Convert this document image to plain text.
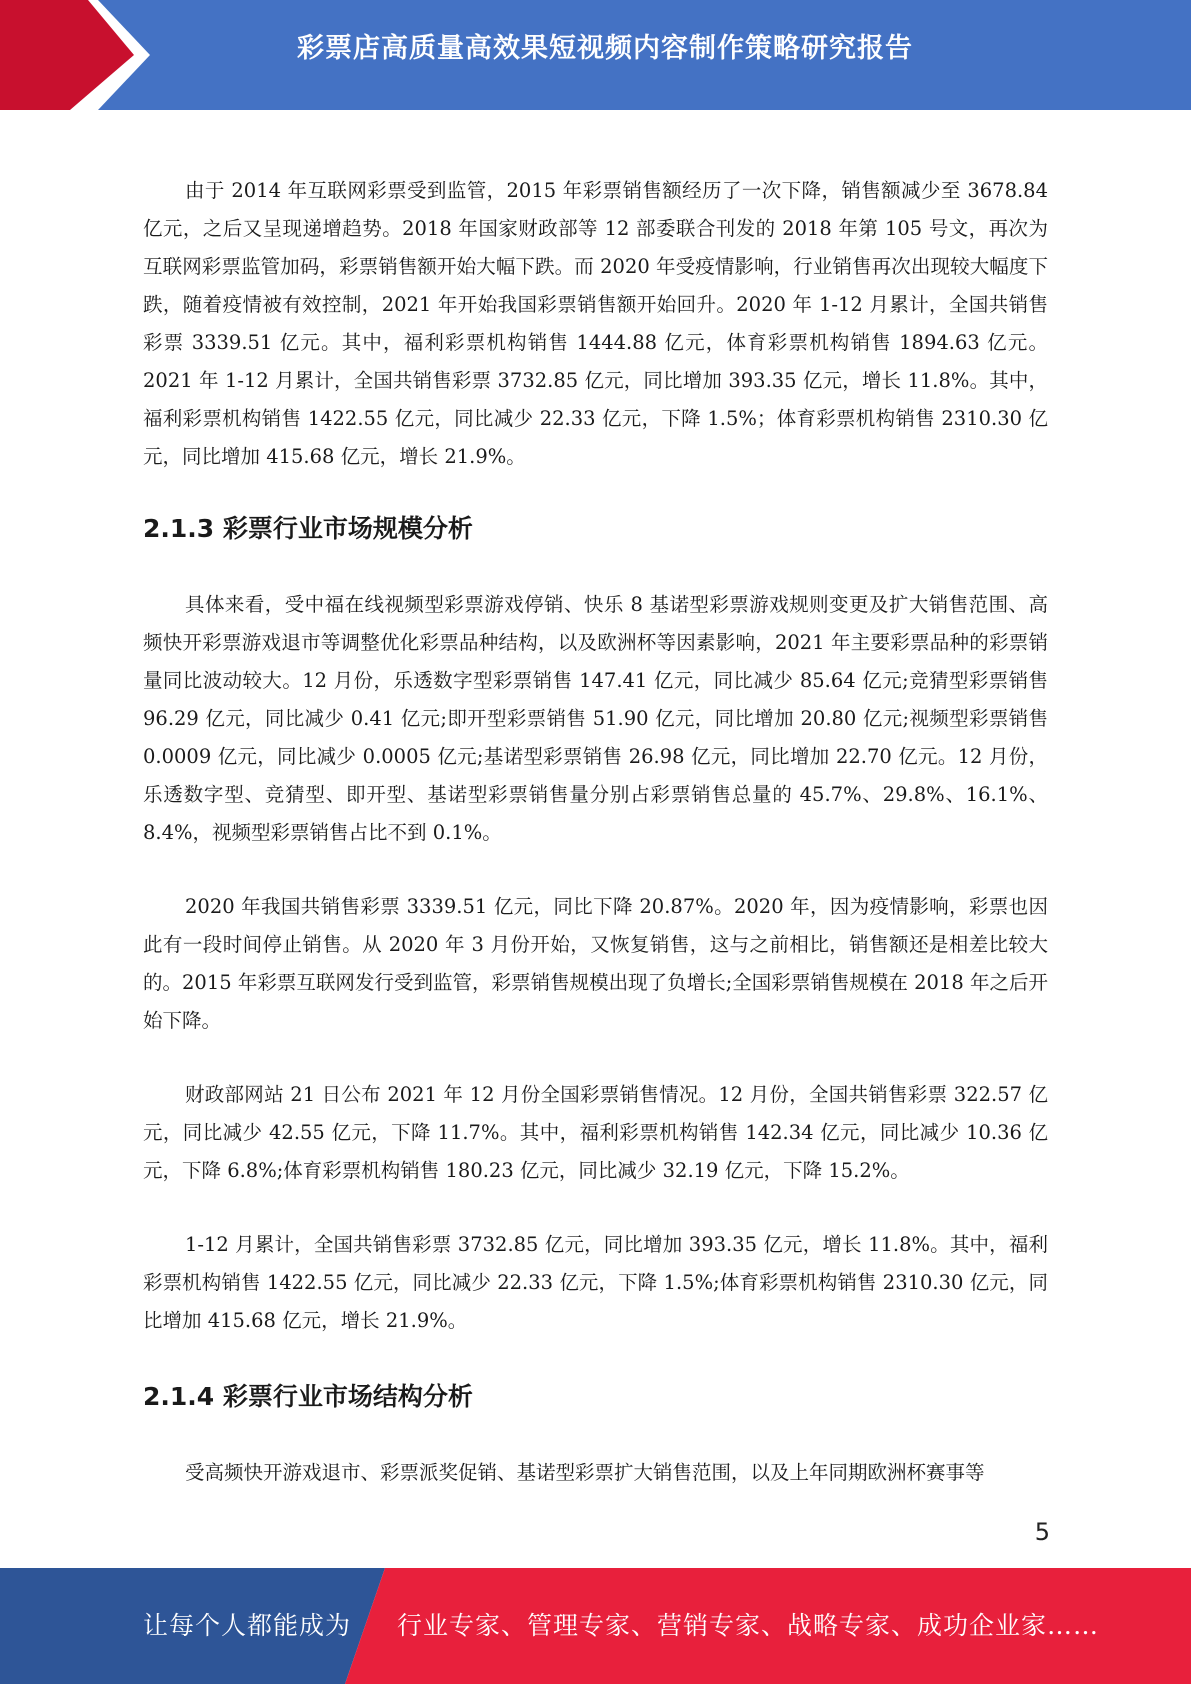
彩票店高质量高效果短视频内容制作策略研究报告

由于 2014 年互联网彩票受到监管，2015 年彩票销售额经历了一次下降，销售额减少至 3678.84 亿元，之后又呈现递增趋势。2018 年国家财政部等 12 部委联合刊发的 2018 年第 105 号文，再次为互联网彩票监管加码，彩票销售额开始大幅下跌。而 2020 年受疫情影响，行业销售再次出现较大幅度下跌，随着疫情被有效控制，2021 年开始我国彩票销售额开始回升。2020 年 1-12 月累计，全国共销售彩票 3339.51 亿元。其中，福利彩票机构销售 1444.88 亿元，体育彩票机构销售 1894.63 亿元。2021 年 1-12 月累计，全国共销售彩票 3732.85 亿元，同比增加 393.35 亿元，增长 11.8%。其中，福利彩票机构销售 1422.55 亿元，同比减少 22.33 亿元，下降 1.5%；体育彩票机构销售 2310.30 亿元，同比增加 415.68 亿元，增长 21.9%。

2.1.3 彩票行业市场规模分析

具体来看，受中福在线视频型彩票游戏停销、快乐 8 基诺型彩票游戏规则变更及扩大销售范围、高频快开彩票游戏退市等调整优化彩票品种结构，以及欧洲杯等因素影响，2021 年主要彩票品种的彩票销量同比波动较大。12 月份，乐透数字型彩票销售 147.41 亿元，同比减少 85.64 亿元;竞猜型彩票销售 96.29 亿元，同比减少 0.41 亿元;即开型彩票销售 51.90 亿元，同比增加 20.80 亿元;视频型彩票销售 0.0009 亿元，同比减少 0.0005 亿元;基诺型彩票销售 26.98 亿元，同比增加 22.70 亿元。12 月份，乐透数字型、竞猜型、即开型、基诺型彩票销售量分别占彩票销售总量的 45.7%、29.8%、16.1%、8.4%，视频型彩票销售占比不到 0.1%。

2020 年我国共销售彩票 3339.51 亿元，同比下降 20.87%。2020 年，因为疫情影响，彩票也因此有一段时间停止销售。从 2020 年 3 月份开始，又恢复销售，这与之前相比，销售额还是相差比较大的。2015 年彩票互联网发行受到监管，彩票销售规模出现了负增长;全国彩票销售规模在 2018 年之后开始下降。

财政部网站 21 日公布 2021 年 12 月份全国彩票销售情况。12 月份，全国共销售彩票 322.57 亿元，同比减少 42.55 亿元，下降 11.7%。其中，福利彩票机构销售 142.34 亿元，同比减少 10.36 亿元，下降 6.8%;体育彩票机构销售 180.23 亿元，同比减少 32.19 亿元，下降 15.2%。

1-12 月累计，全国共销售彩票 3732.85 亿元，同比增加 393.35 亿元，增长 11.8%。其中，福利彩票机构销售 1422.55 亿元，同比减少 22.33 亿元，下降 1.5%;体育彩票机构销售 2310.30 亿元，同比增加 415.68 亿元，增长 21.9%。

2.1.4 彩票行业市场结构分析

受高频快开游戏退市、彩票派奖促销、基诺型彩票扩大销售范围，以及上年同期欧洲杯赛事等

5
让每个人都能成为 行业专家、管理专家、营销专家、战略专家、成功企业家……
